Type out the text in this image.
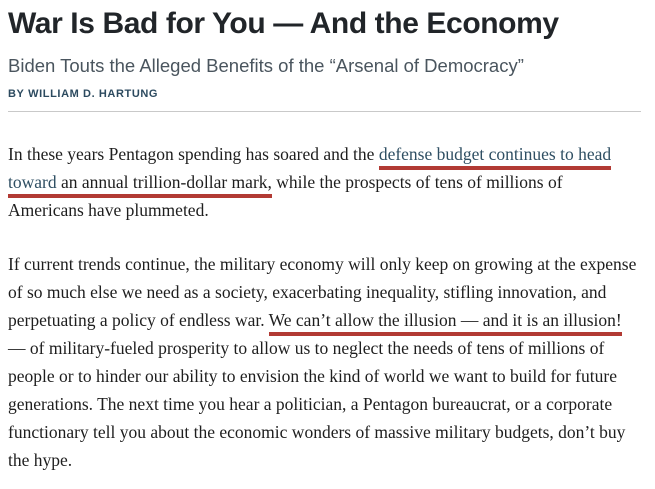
War Is Bad for You — And the Economy

Biden Touts the Alleged Benefits of the “Arsenal of Democracy”

BY WILLIAM D. HARTUNG

In these years Pentagon spending has soared and the defense budget continues to head toward an annual trillion-dollar mark, while the prospects of tens of millions of Americans have plummeted.

If current trends continue, the military economy will only keep on growing at the expense of so much else we need as a society, exacerbating inequality, stifling innovation, and perpetuating a policy of endless war. We can’t allow the illusion — and it is an illusion! — of military-fueled prosperity to allow us to neglect the needs of tens of millions of people or to hinder our ability to envision the kind of world we want to build for future generations. The next time you hear a politician, a Pentagon bureaucrat, or a corporate functionary tell you about the economic wonders of massive military budgets, don’t buy the hype.
